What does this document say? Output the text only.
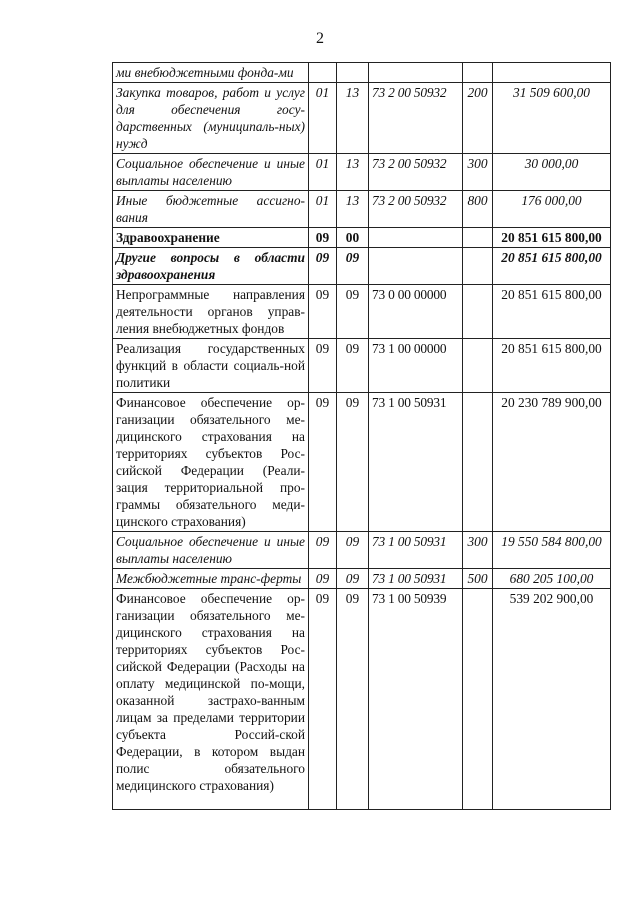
2
ми внебюджетными фонда-ми					
Закупка товаров, работ и услуг для обеспечения госу-дарственных (муниципаль-ных) нужд	01	13	73 2 00 50932	200	31 509 600,00
Социальное обеспечение и иные выплаты населению	01	13	73 2 00 50932	300	30 000,00
Иные бюджетные ассигно-вания	01	13	73 2 00 50932	800	176 000,00
Здравоохранение	09	00			20 851 615 800,00
Другие вопросы в области здравоохранения	09	09			20 851 615 800,00
Непрограммные направления деятельности органов управ-ления внебюджетных фондов	09	09	73 0 00 00000		20 851 615 800,00
Реализация государственных функций в области социаль-ной политики	09	09	73 1 00 00000		20 851 615 800,00
Финансовое обеспечение ор-ганизации обязательного ме-дицинского страхования на территориях субъектов Рос-сийской Федерации (Реали-зация территориальной про-граммы обязательного меди-цинского страхования)	09	09	73 1 00 50931		20 230 789 900,00
Социальное обеспечение и иные выплаты населению	09	09	73 1 00 50931	300	19 550 584 800,00
Межбюджетные транс-ферты	09	09	73 1 00 50931	500	680 205 100,00
Финансовое обеспечение ор-ганизации обязательного ме-дицинского страхования на территориях субъектов Рос-сийской Федерации (Расходы на оплату медицинской по-мощи, оказанной застрахо-ванным лицам за пределами территории субъекта Россий-ской Федерации, в котором выдан полис обязательного медицинского страхования)	09	09	73 1 00 50939		539 202 900,00
